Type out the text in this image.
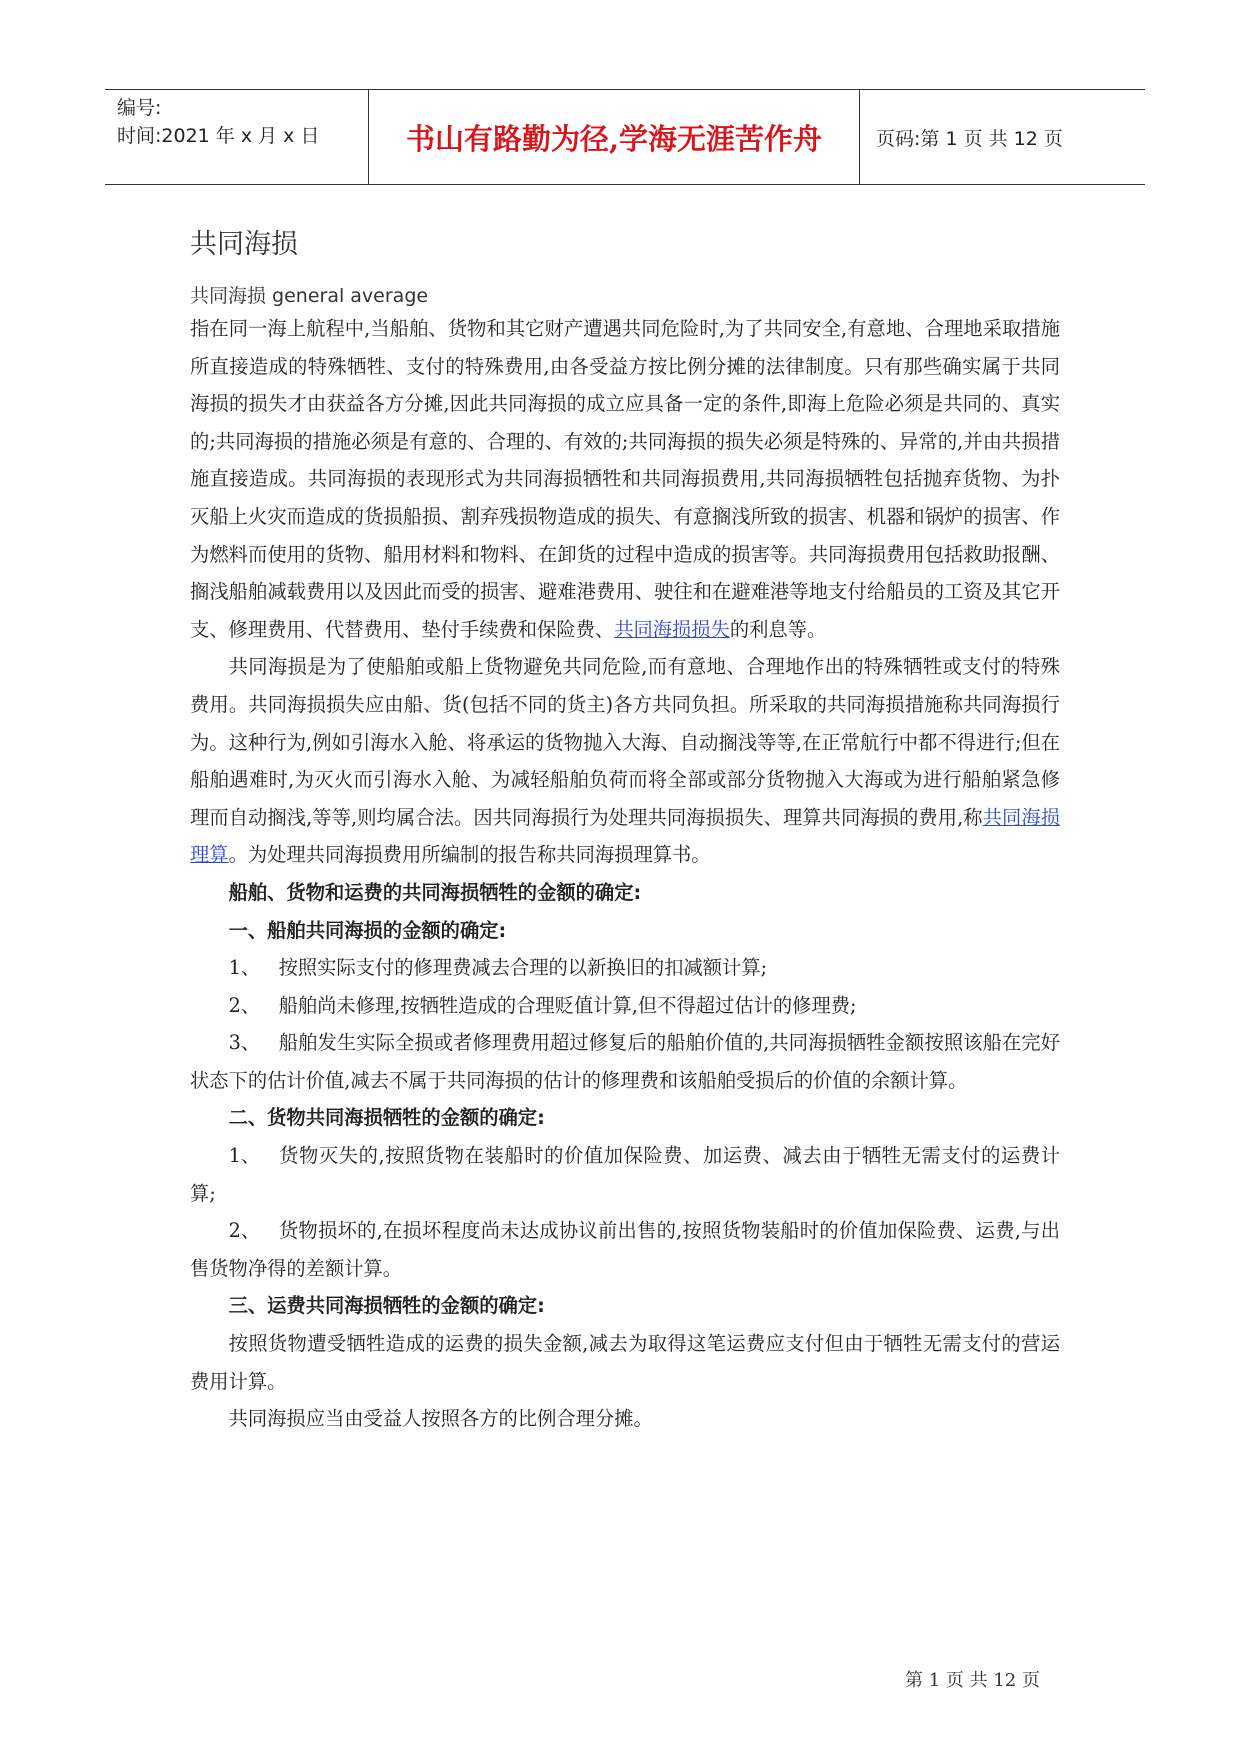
编号:
时间:2021 年 x 月 x 日	书山有路勤为径,学海无涯苦作舟	页码:第 1 页 共 12 页
共同海损
共同海损 general average

指在同一海上航程中,当船舶、货物和其它财产遭遇共同危险时,为了共同安全,有意地、合理地采取措施所直接造成的特殊牺牲、支付的特殊费用,由各受益方按比例分摊的法律制度。只有那些确实属于共同海损的损失才由获益各方分摊,因此共同海损的成立应具备一定的条件,即海上危险必须是共同的、真实的;共同海损的措施必须是有意的、合理的、有效的;共同海损的损失必须是特殊的、异常的,并由共损措施直接造成。共同海损的表现形式为共同海损牺牲和共同海损费用,共同海损牺牲包括抛弃货物、为扑灭船上火灾而造成的货损船损、割弃残损物造成的损失、有意搁浅所致的损害、机器和锅炉的损害、作为燃料而使用的货物、船用材料和物料、在卸货的过程中造成的损害等。共同海损费用包括救助报酬、搁浅船舶减载费用以及因此而受的损害、避难港费用、驶往和在避难港等地支付给船员的工资及其它开支、修理费用、代替费用、垫付手续费和保险费、共同海损损失的利息等。

共同海损是为了使船舶或船上货物避免共同危险,而有意地、合理地作出的特殊牺牲或支付的特殊费用。共同海损损失应由船、货(包括不同的货主)各方共同负担。所采取的共同海损措施称共同海损行为。这种行为,例如引海水入舱、将承运的货物抛入大海、自动搁浅等等,在正常航行中都不得进行;但在船舶遇难时,为灭火而引海水入舱、为减轻船舶负荷而将全部或部分货物抛入大海或为进行船舶紧急修理而自动搁浅,等等,则均属合法。因共同海损行为处理共同海损损失、理算共同海损的费用,称共同海损理算。为处理共同海损费用所编制的报告称共同海损理算书。

船舶、货物和运费的共同海损牺牲的金额的确定:

一、船舶共同海损的金额的确定:

1、 按照实际支付的修理费减去合理的以新换旧的扣减额计算;

2、 船舶尚未修理,按牺牲造成的合理贬值计算,但不得超过估计的修理费;

3、 船舶发生实际全损或者修理费用超过修复后的船舶价值的,共同海损牺牲金额按照该船在完好状态下的估计价值,减去不属于共同海损的估计的修理费和该船舶受损后的价值的余额计算。

二、货物共同海损牺牲的金额的确定:

1、 货物灭失的,按照货物在装船时的价值加保险费、加运费、减去由于牺牲无需支付的运费计算;

2、 货物损坏的,在损坏程度尚未达成协议前出售的,按照货物装船时的价值加保险费、运费,与出售货物净得的差额计算。

三、运费共同海损牺牲的金额的确定:

按照货物遭受牺牲造成的运费的损失金额,减去为取得这笔运费应支付但由于牺牲无需支付的营运费用计算。

共同海损应当由受益人按照各方的比例合理分摊。

第 1 页 共 12 页
